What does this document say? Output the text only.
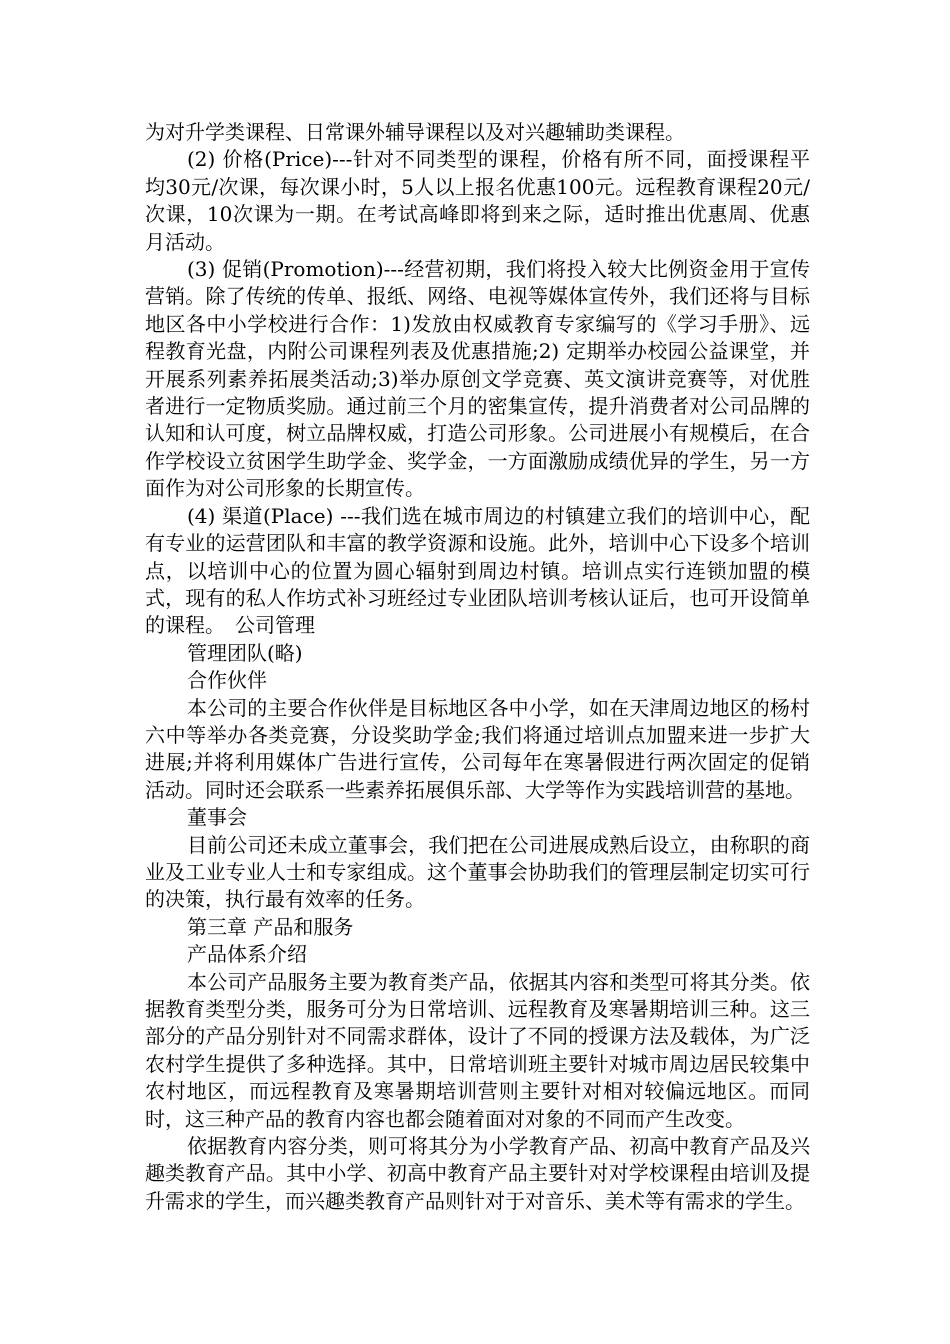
为对升学类课程、日常课外辅导课程以及对兴趣辅助类课程。

(2) 价格(Price)---针对不同类型的课程，价格有所不同，面授课程平均30元/次课，每次课小时，5人以上报名优惠100元。远程教育课程20元/次课，10次课为一期。在考试高峰即将到来之际，适时推出优惠周、优惠月活动。

(3) 促销(Promotion)---经营初期，我们将投入较大比例资金用于宣传营销。除了传统的传单、报纸、网络、电视等媒体宣传外，我们还将与目标地区各中小学校进行合作：1)发放由权威教育专家编写的《学习手册》、远程教育光盘，内附公司课程列表及优惠措施;2) 定期举办校园公益课堂，并开展系列素养拓展类活动;3)举办原创文学竞赛、英文演讲竞赛等，对优胜者进行一定物质奖励。通过前三个月的密集宣传，提升消费者对公司品牌的认知和认可度，树立品牌权威，打造公司形象。公司进展小有规模后，在合作学校设立贫困学生助学金、奖学金，一方面激励成绩优异的学生，另一方面作为对公司形象的长期宣传。

(4) 渠道(Place) ---我们选在城市周边的村镇建立我们的培训中心，配有专业的运营团队和丰富的教学资源和设施。此外，培训中心下设多个培训点，以培训中心的位置为圆心辐射到周边村镇。培训点实行连锁加盟的模式，现有的私人作坊式补习班经过专业团队培训考核认证后，也可开设简单的课程。　公司管理

管理团队(略)

合作伙伴

本公司的主要合作伙伴是目标地区各中小学，如在天津周边地区的杨村六中等举办各类竞赛，分设奖助学金;我们将通过培训点加盟来进一步扩大进展;并将利用媒体广告进行宣传，公司每年在寒暑假进行两次固定的促销活动。同时还会联系一些素养拓展俱乐部、大学等作为实践培训营的基地。

董事会

目前公司还未成立董事会，我们把在公司进展成熟后设立，由称职的商业及工业专业人士和专家组成。这个董事会协助我们的管理层制定切实可行的决策，执行最有效率的任务。

第三章 产品和服务

产品体系介绍

本公司产品服务主要为教育类产品，依据其内容和类型可将其分类。依据教育类型分类，服务可分为日常培训、远程教育及寒暑期培训三种。这三部分的产品分别针对不同需求群体，设计了不同的授课方法及载体，为广泛农村学生提供了多种选择。其中，日常培训班主要针对城市周边居民较集中农村地区，而远程教育及寒暑期培训营则主要针对相对较偏远地区。而同时，这三种产品的教育内容也都会随着面对对象的不同而产生改变。

依据教育内容分类，则可将其分为小学教育产品、初高中教育产品及兴趣类教育产品。其中小学、初高中教育产品主要针对对学校课程由培训及提升需求的学生，而兴趣类教育产品则针对于对音乐、美术等有需求的学生。
